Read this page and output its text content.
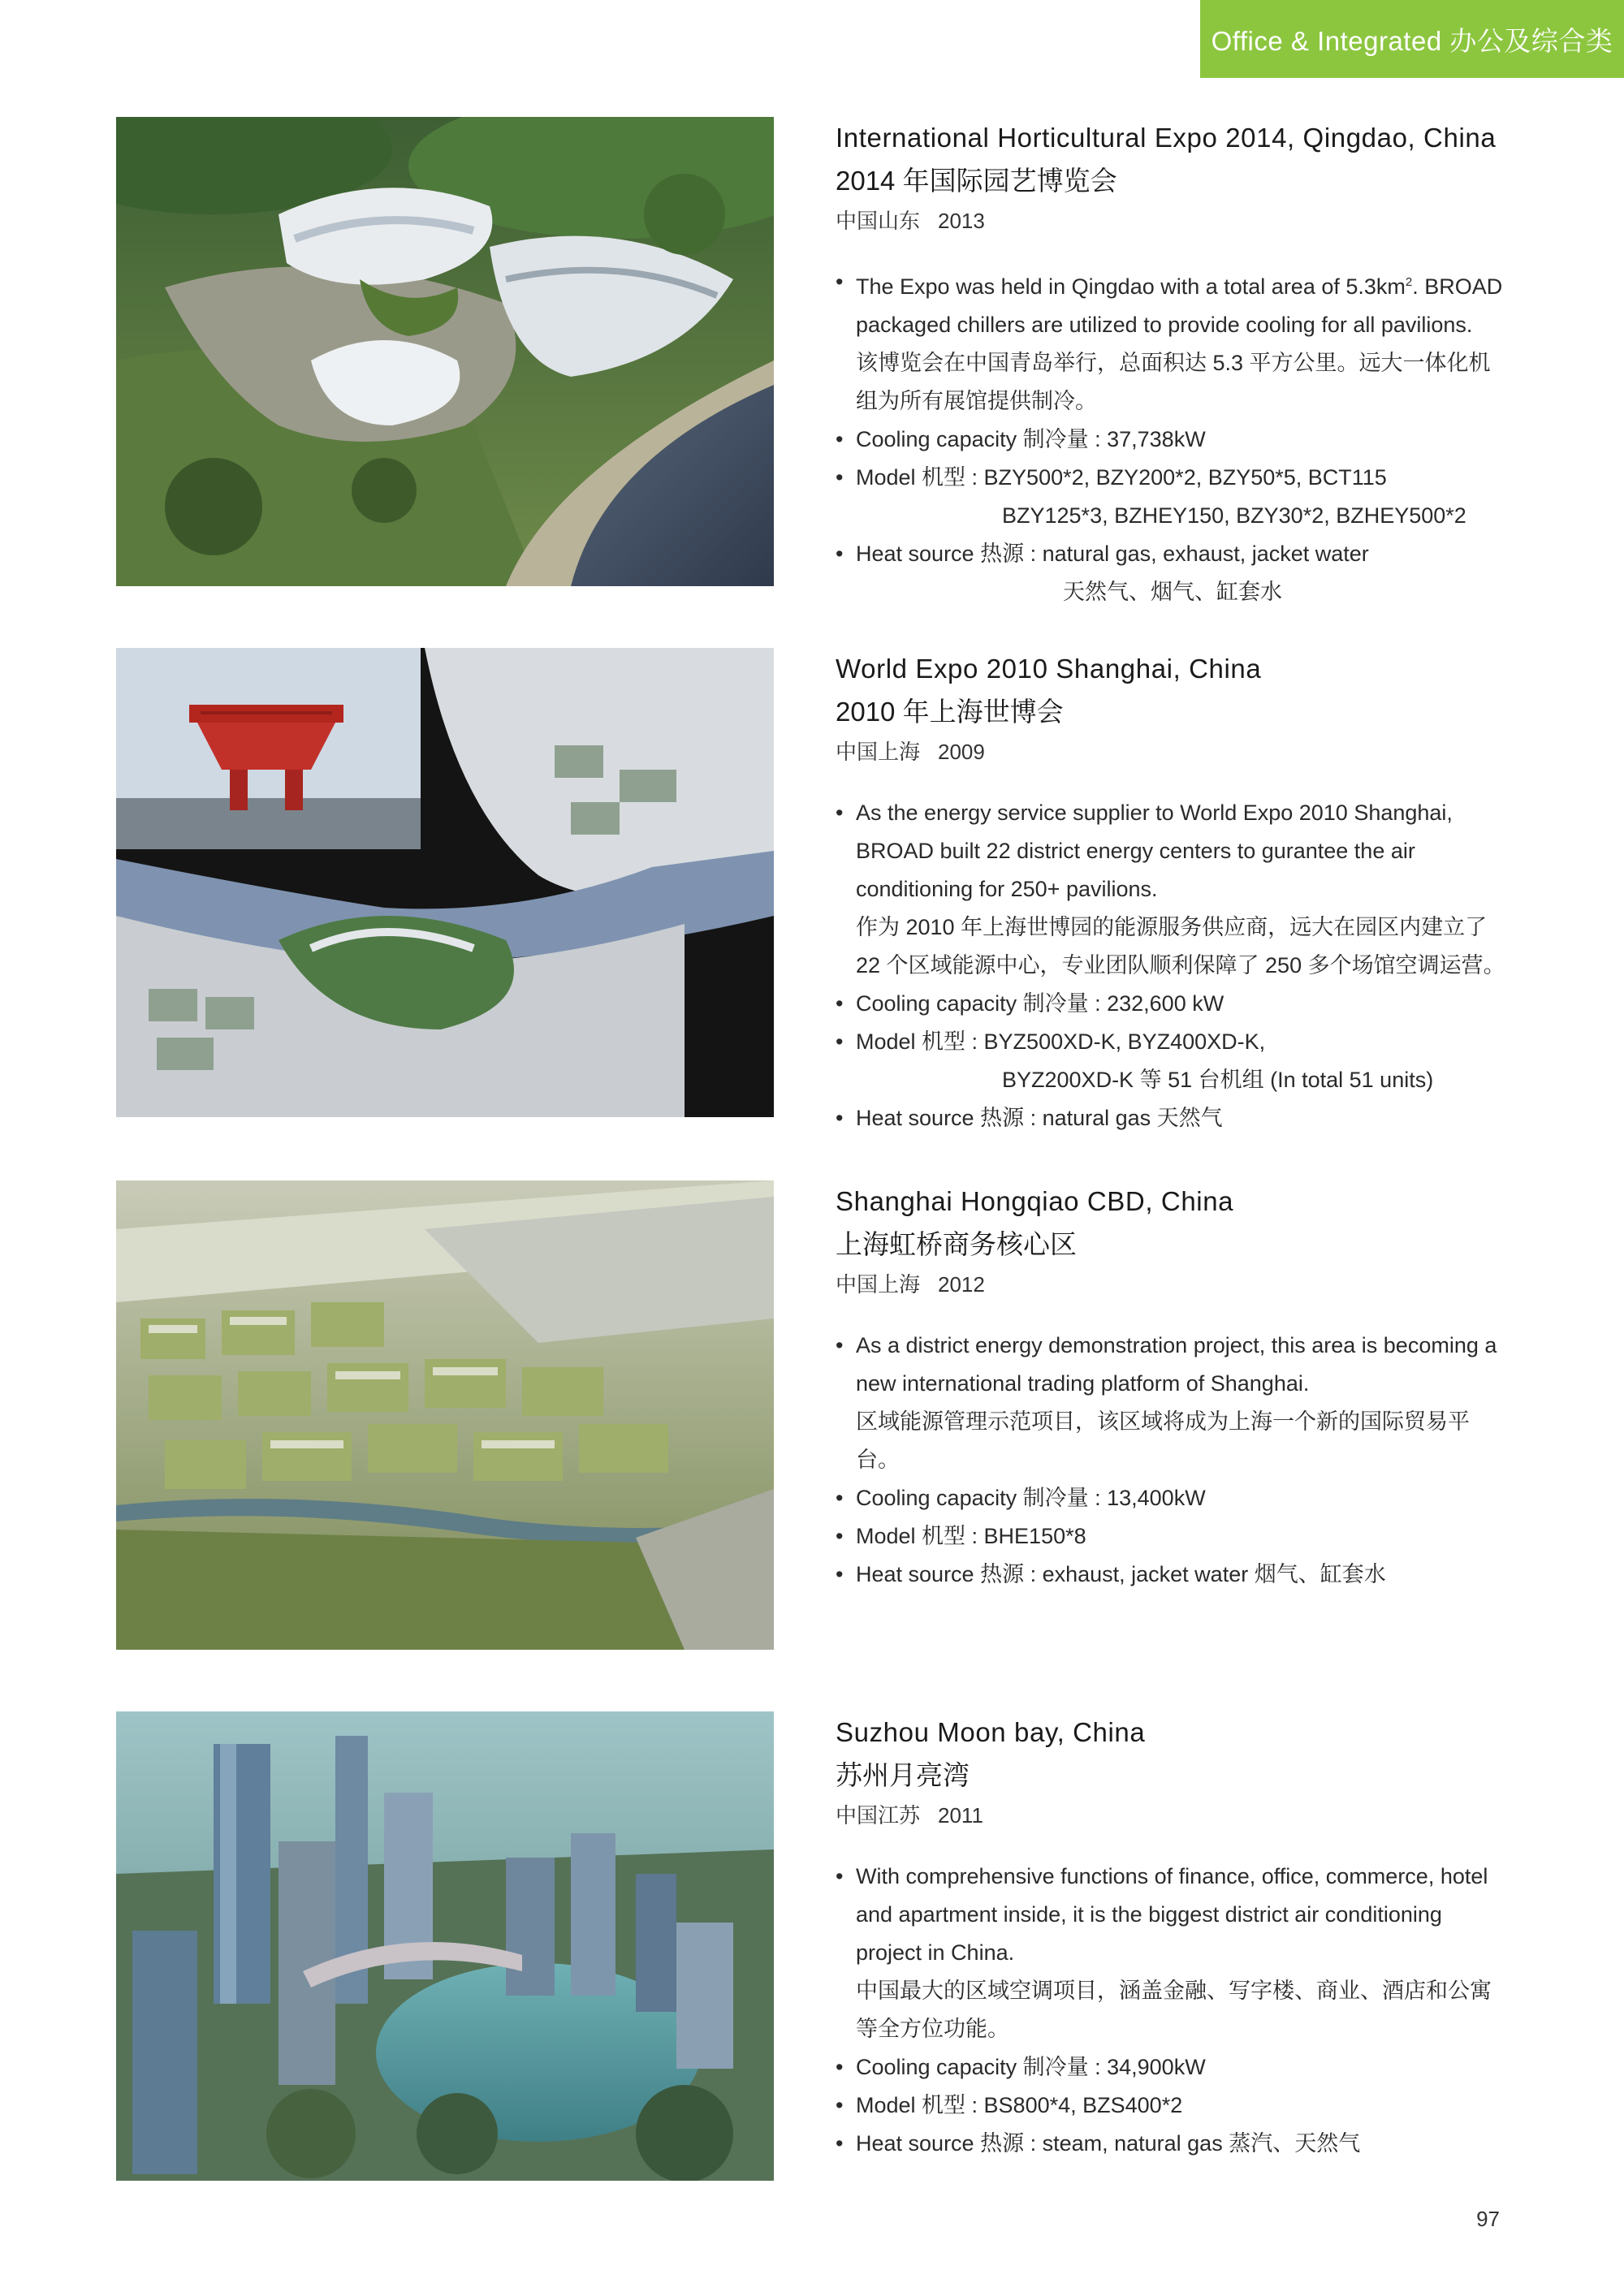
Office & Integrated 办公及综合类
International Horticultural Expo 2014, Qingdao, China
2014 年国际园艺博览会
中国山东 2013
• The Expo was held in Qingdao with a total area of $5.3km^2$. BROAD packaged chillers are utilized to provide cooling for all pavilions.
该博览会在中国青岛举行，总面积达 5.3 平方公里。远大一体化机组为所有展馆提供制冷。
• Cooling capacity 制冷量 : 37,738kW
• Model 机型 : BZY500*2, BZY200*2, BZY50*5, BCT115
BZY125*3, BZHEY150, BZY30*2, BZHEY500*2
• Heat source 热源 : natural gas, exhaust, jacket water
天然气、烟气、缸套水
World Expo 2010 Shanghai, China
2010 年上海世博会
中国上海 2009
• As the energy service supplier to World Expo 2010 Shanghai, BROAD built 22 district energy centers to gurantee the air conditioning for 250+ pavilions.
作为 2010 年上海世博园的能源服务供应商，远大在园区内建立了 22 个区域能源中心，专业团队顺利保障了 250 多个场馆空调运营。
• Cooling capacity 制冷量 : 232,600 kW
• Model 机型 : BYZ500XD-K, BYZ400XD-K,
BYZ200XD-K 等 51 台机组 (In total 51 units)
• Heat source 热源 : natural gas 天然气
Shanghai Hongqiao CBD, China
上海虹桥商务核心区
中国上海 2012
• As a district energy demonstration project, this area is becoming a new international trading platform of Shanghai.
区域能源管理示范项目，该区域将成为上海一个新的国际贸易平台。
• Cooling capacity 制冷量 : 13,400kW
• Model 机型 : BHE150*8
• Heat source 热源 : exhaust, jacket water 烟气、缸套水
Suzhou Moon bay, China
苏州月亮湾
中国江苏 2011
• With comprehensive functions of finance, office, commerce, hotel and apartment inside, it is the biggest district air conditioning project in China.
中国最大的区域空调项目，涵盖金融、写字楼、商业、酒店和公寓等全方位功能。
• Cooling capacity 制冷量 : 34,900kW
• Model 机型 : BS800*4, BZS400*2
• Heat source 热源 : steam, natural gas 蒸汽、天然气
97
